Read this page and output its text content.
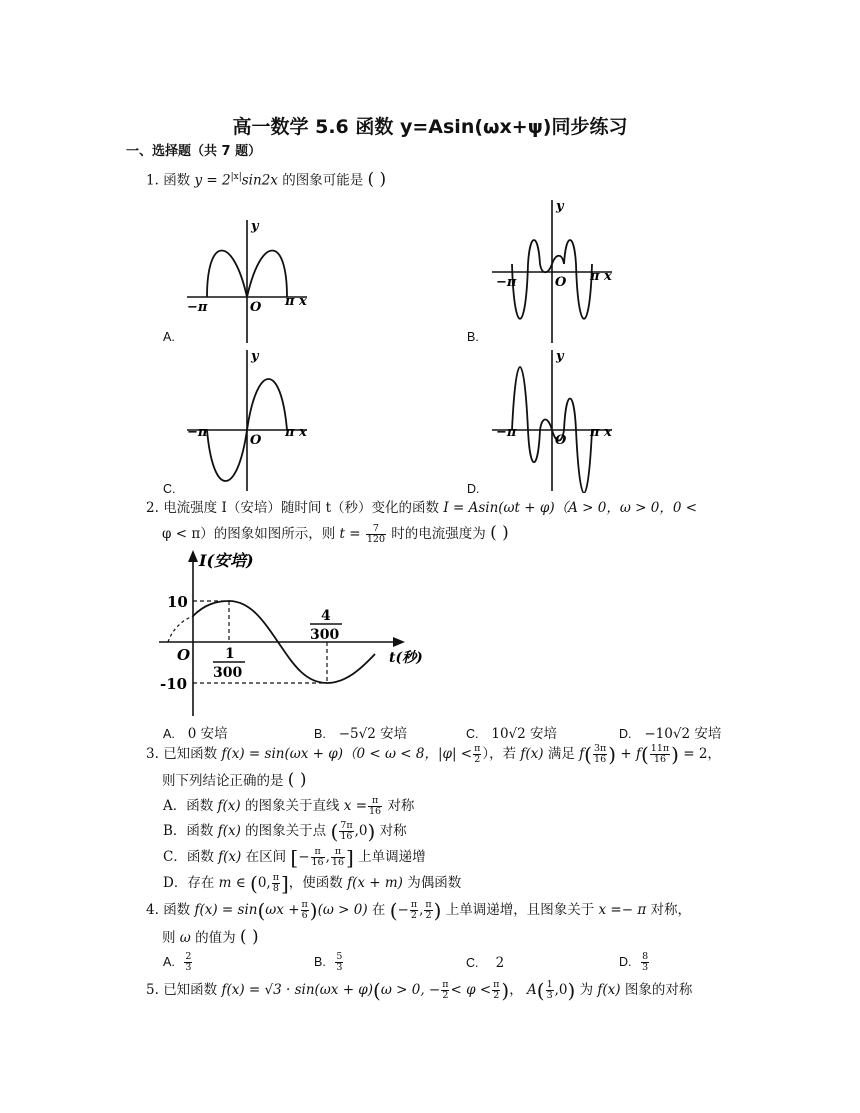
高一数学 5.6 函数 y=Asin(ωx+ψ)同步练习
一、选择题（共 7 题）
1. 函数 $y = 2^{|x|}\sin 2x$ 的图象可能是 ( )
y
O
−π	π x
A.
y
O
−π	π x
B.
y
O
−π	π x
C.
y
O
−π	π x
D.
2. 电流强度 I（安培）随时间 t（秒）变化的函数 I = Asin(ωt + φ)（A > 0，ω > 0，0 <
φ < π）的图象如图所示，则 $t = \frac{7}{120}$ 时的电流强度为 ( )
I(安培)
t(秒)
10
-10
O 1
300
4
300
A. 0 安培	B. −5√2 安培	C. 10√2 安培	D. −10√2 安培
3. 已知函数 f(x) = sin(ωx + φ)（0 < ω < 8，$|\varphi| < \frac{\pi}{2}$ ），若 f(x) 满足 $f( \frac{3\pi}{16}$ ) + $f( \frac{11\pi}{16}$ ) = 2，
则下列结论正确的是 ( )
A．函数 f(x) 的图象关于直线 $x = \frac{\pi}{16}$ 对称
B．函数 f(x) 的图象关于点 ( $\frac{7\pi}{16} ,0$) 对称
C．函数 f(x) 在区间 [− $\frac{\pi}{16}$ , $\frac{\pi}{16}$ ] 上单调递增
D．存在 m ∈ (0, $\frac{\pi}{8}$ ]，使函数 f(x + m) 为偶函数
4. 函数 $f(x) = \sin(\omega x + \frac{\pi}{6} )(\omega > 0)$ 在 (− $\frac{\pi}{2}$ , $\frac{\pi}{2}$ ) 上单调递增，且图象关于 x =− π 对称，
则 ω 的值为 ( )
A. $\frac{2}{3}$	B. $\frac{5}{3}$	C. 2	D. $\frac{8}{3}$
5. 已知函数 f(x) = √3 · sin(ωx + φ)(ω > 0, − $\frac{\pi}{2} < \varphi < \frac{\pi}{2}$ )， $A( \frac{1}{3} ,0)$ 为 f(x) 图象的对称
